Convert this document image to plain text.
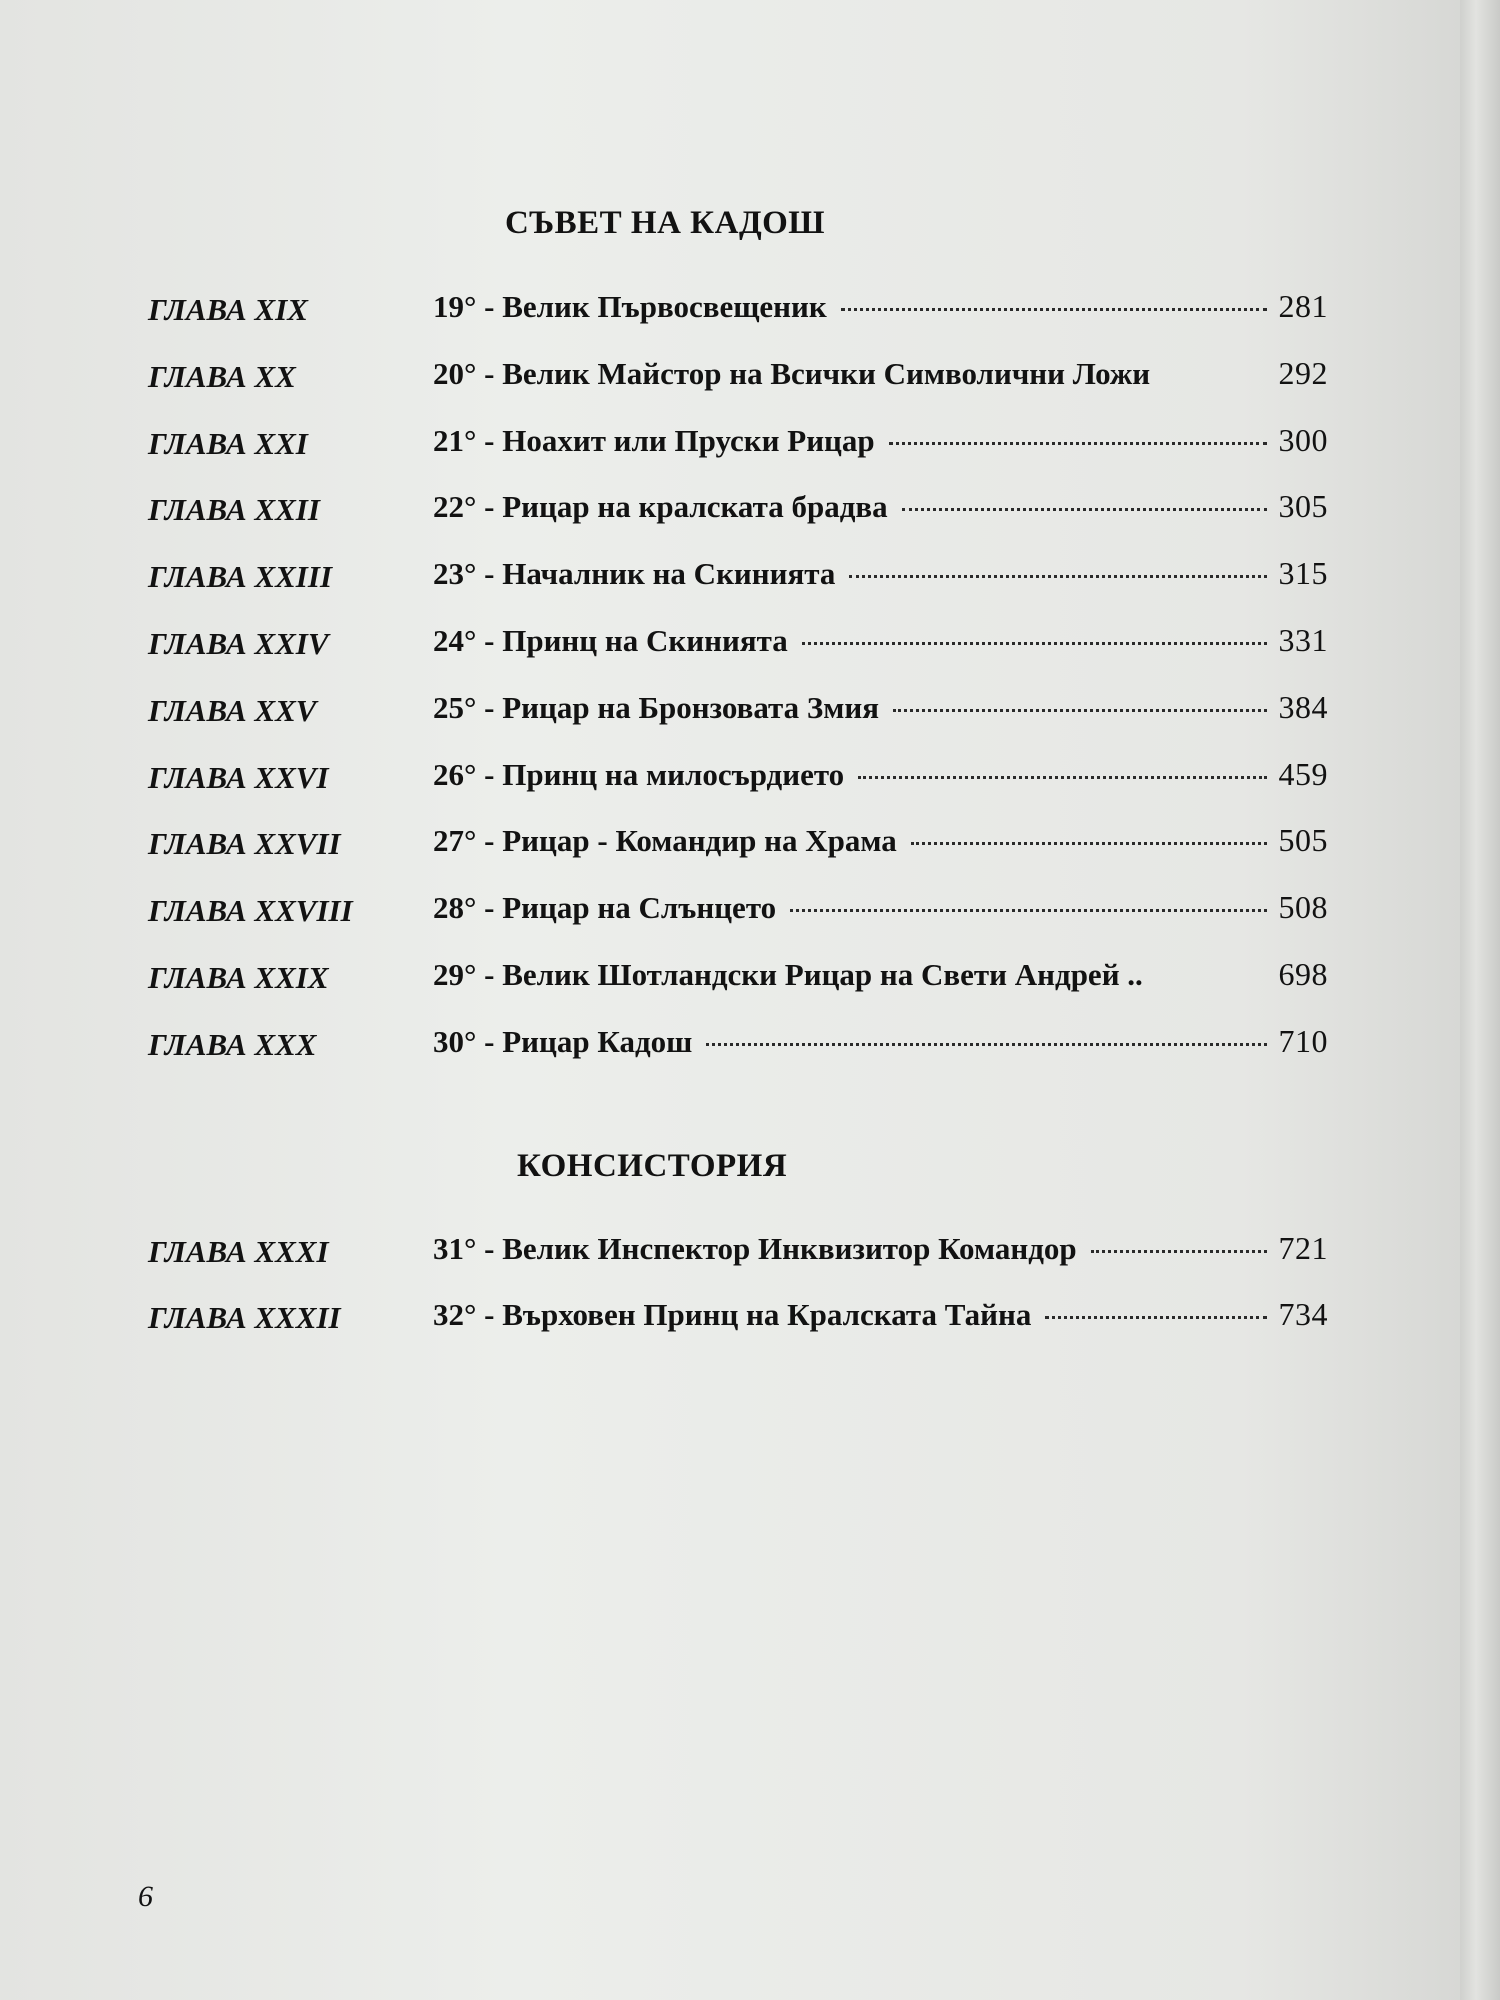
СЪВЕТ НА КАДОШ
ГЛАВА XIX	19° - Велик Първосвещеник	281
ГЛАВА XX	20° - Велик Майстор на Всички Символични Ложи	292
ГЛАВА XXI	21° - Ноахит или Пруски Рицар	300
ГЛАВА XXII	22° - Рицар на кралската брадва	305
ГЛАВА XXIII	23° - Началник на Скинията	315
ГЛАВА XXIV	24° - Принц на Скинията	331
ГЛАВА XXV	25° - Рицар на Бронзовата Змия	384
ГЛАВА XXVI	26° - Принц на милосърдието	459
ГЛАВА XXVII	27° - Рицар - Командир на Храма	505
ГЛАВА XXVIII	28° - Рицар на Слънцето	508
ГЛАВА XXIX	29° - Велик Шотландски Рицар на Свети Андрей ..	698
ГЛАВА XXX	30° - Рицар Кадош	710
КОНСИСТОРИЯ
ГЛАВА XXXI	31° - Велик Инспектор Инквизитор Командор	721
ГЛАВА XXXII	32° - Върховен Принц на Кралската Тайна	734
6
